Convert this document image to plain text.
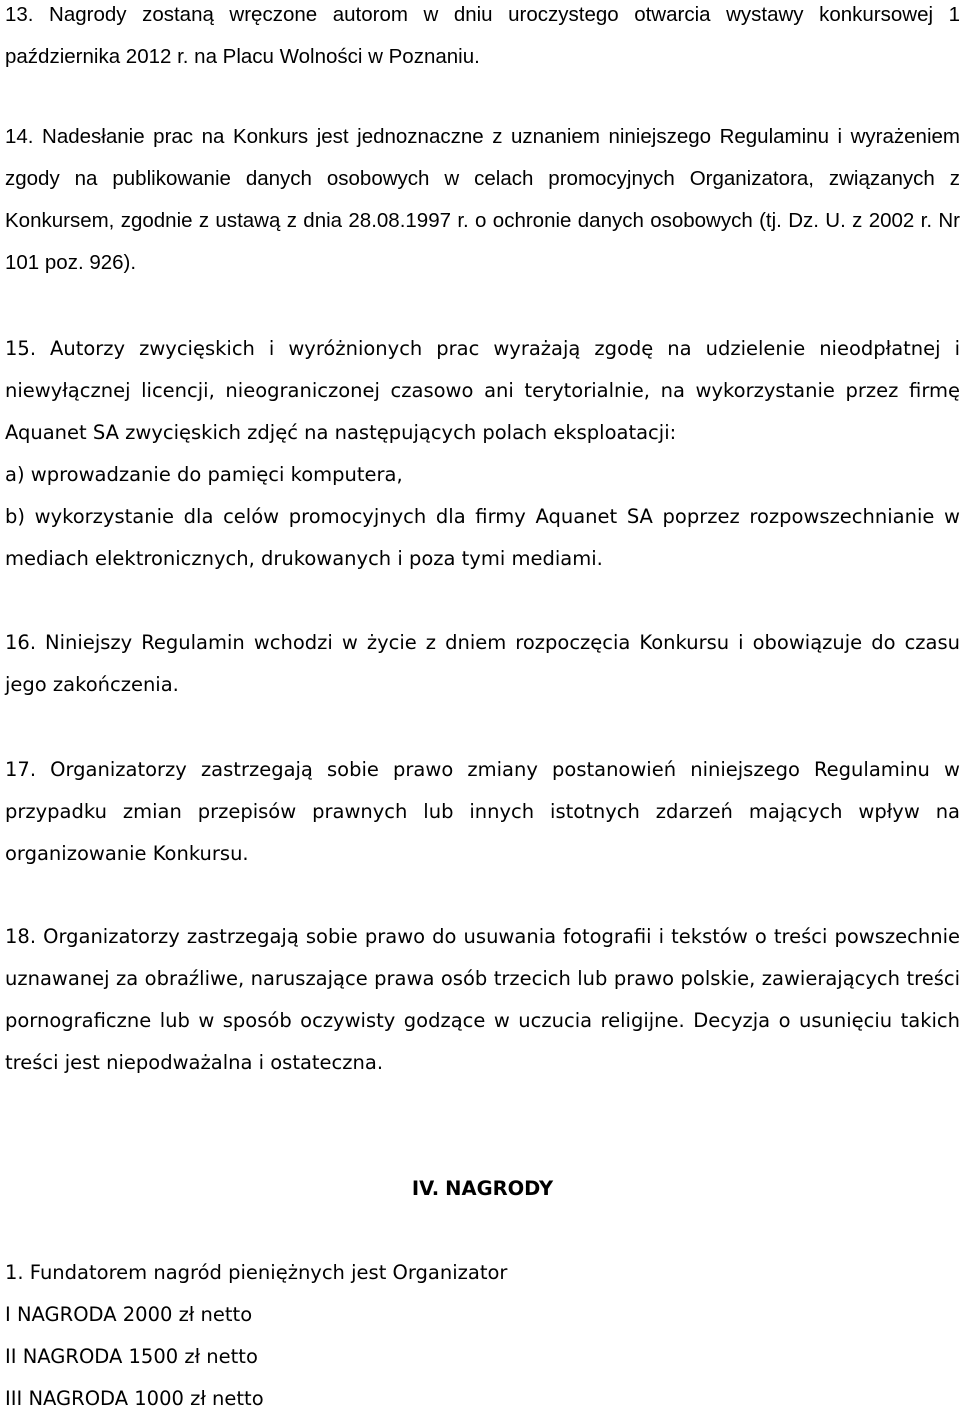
13. Nagrody zostaną wręczone autorom w dniu uroczystego otwarcia wystawy konkursowej 1 października 2012 r. na Placu Wolności w Poznaniu.

14. Nadesłanie prac na Konkurs jest jednoznaczne z uznaniem niniejszego Regulaminu i wyrażeniem zgody na publikowanie danych osobowych w celach promocyjnych Organizatora, związanych z Konkursem, zgodnie z ustawą z dnia 28.08.1997 r. o ochronie danych osobowych (tj. Dz. U. z 2002 r. Nr 101 poz. 926).

15. Autorzy zwycięskich i wyróżnionych prac wyrażają zgodę na udzielenie nieodpłatnej i niewyłącznej licencji, nieograniczonej czasowo ani terytorialnie, na wykorzystanie przez firmę Aquanet SA zwycięskich zdjęć na następujących polach eksploatacji:

a) wprowadzanie do pamięci komputera,

b) wykorzystanie dla celów promocyjnych dla firmy Aquanet SA poprzez rozpowszechnianie w mediach elektronicznych, drukowanych i poza tymi mediami.

16. Niniejszy Regulamin wchodzi w życie z dniem rozpoczęcia Konkursu i obowiązuje do czasu jego zakończenia.

17. Organizatorzy zastrzegają sobie prawo zmiany postanowień niniejszego Regulaminu w przypadku zmian przepisów prawnych lub innych istotnych zdarzeń mających wpływ na organizowanie Konkursu.

18. Organizatorzy zastrzegają sobie prawo do usuwania fotografii i tekstów o treści powszechnie uznawanej za obraźliwe, naruszające prawa osób trzecich lub prawo polskie, zawierających treści pornograficzne lub w sposób oczywisty godzące w uczucia religijne. Decyzja o usunięciu takich treści jest niepodważalna i ostateczna.

IV. NAGRODY

1. Fundatorem nagród pieniężnych jest Organizator

I NAGRODA 2000 zł netto

II NAGRODA 1500 zł netto

III NAGRODA 1000 zł netto
